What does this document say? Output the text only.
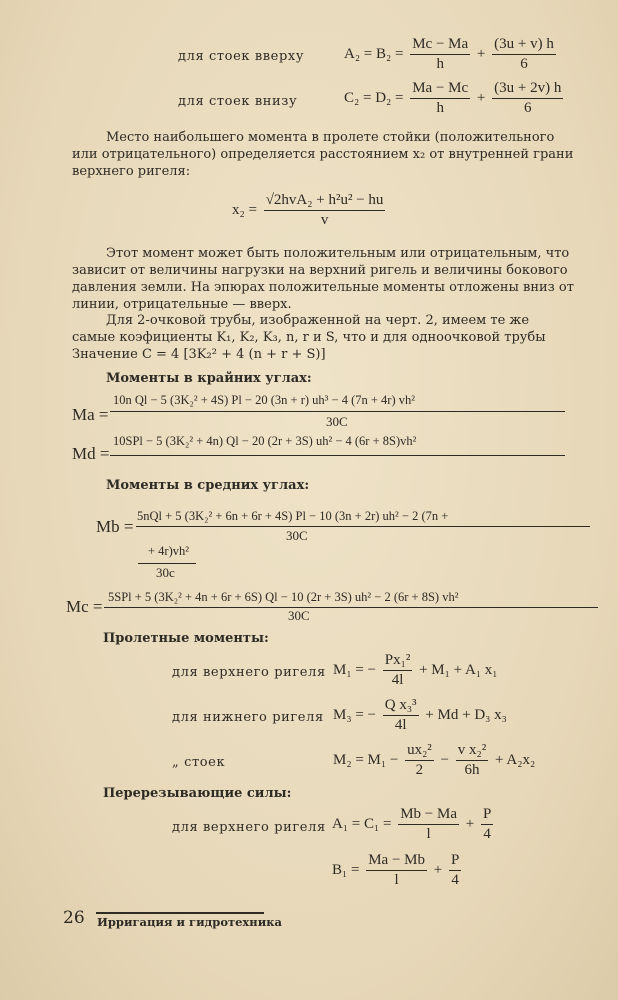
для стоек вверху	$A_2 = B_2 = \frac{Mc - Ma}{h} + \frac{(3u + v) h}{6}$
для стоек внизу	$C_2 = D_2 = \frac{Ma - Mc}{h} + \frac{(3u + 2v) h}{6}$
Место наибольшего момента в пролете стойки (положительного
или отрицательного) определяется расстоянием x₂ от внутренней грани
верхнего ригеля:
$x_2 = \frac{\text{√2hvA₂ + h²u² − hu}}{v}$
Этот момент может быть положительным или отрицательным, что
зависит от величины нагрузки на верхний ригель и величины бокового
давления земли. На эпюрах положительные моменты отложены вниз от
линии, отрицательные — вверх.
Для 2-очковой трубы, изображенной на черт. 2, имеем те же
самые коэфициенты K₁, K₂, K₃, n, r и S, что и для одноочковой трубы
Значение C = 4 [3K₂² + 4 (n + r + S)]
Моменты в крайних углах:
Ma =
10n Ql − 5 (3K₂² + 4S) Pl − 20 (3n + r) uh³ − 4 (7n + 4r) vh²
30C
Md =
10SPl − 5 (3K₂² + 4n) Ql − 20 (2r + 3S) uh² − 4 (6r + 8S)vh²
Моменты в средних углах:
Mb =
5nQl + 5 (3K₂² + 6n + 6r + 4S) Pl − 10 (3n + 2r) uh² − 2 (7n +
30C
+ 4r)vh²
30c
Mc = 5SPl + 5 (3K₂² + 4n + 6r + 6S) Ql − 10 (2r + 3S) uh² − 2 (6r + 8S) vh²
30C
Пролетные моменты:
для верхнего ригеля M₁ = − $\frac{\text{Px₁²}}{4l} + M_1 + A_1$ x₁
для нижнего ригеля M₃ = − $\frac{\text{Q x₃³}}{4l} + Md + D_3$ x₃
„ стоек	$M_2 = M_1 - \frac{\text{ux₂²}}{2} - \frac{\text{v x₂²}}{6h} + A_2x_2$
Перерезывающие силы:
для верхнего ригеля $A_1 = C_1 = \frac{Mb - Ma}{l} + \frac{P}{4}$
$B_1 = \frac{Ma - Mb}{l} + \frac{P}{4}$
26 Ирригация и гидротехника
